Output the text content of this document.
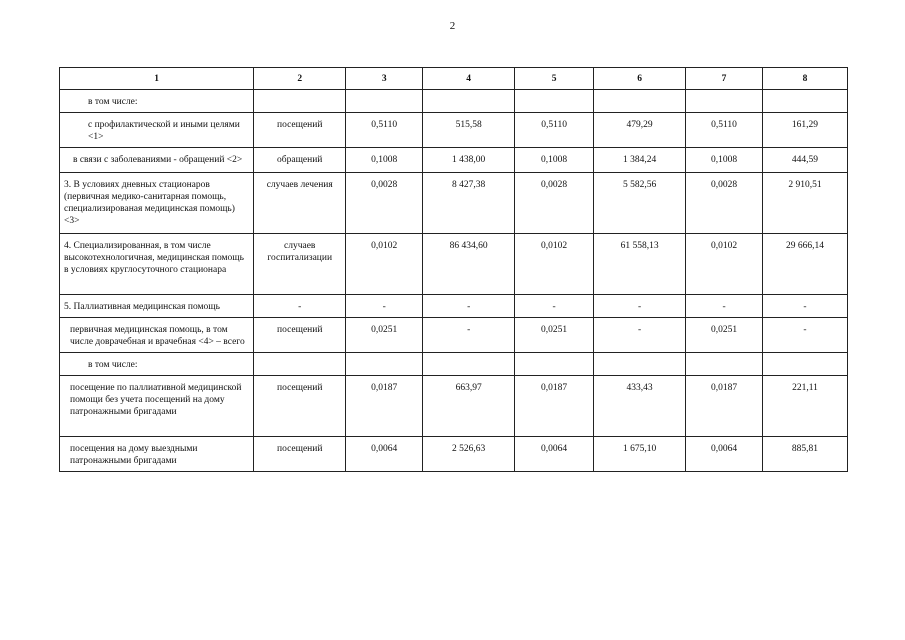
2
1	2	3	4	5	6	7	8
в том числе:							
с профилактической и иными целями <1>	посещений	0,5110	515,58	0,5110	479,29	0,5110	161,29
в связи с заболеваниями - обращений <2>	обращений	0,1008	1 438,00	0,1008	1 384,24	0,1008	444,59
3. В условиях дневных стационаров (первичная медико-санитарная помощь, специализированая медицинская помощь) <3>	случаев лечения	0,0028	8 427,38	0,0028	5 582,56	0,0028	2 910,51
4. Специализированная, в том числе высокотехнологичная, медицинская помощь в условиях круглосуточного стационара	случаев госпитализации	0,0102	86 434,60	0,0102	61 558,13	0,0102	29 666,14
5. Паллиативная медицинская помощь	-	-	-	-	-	-	-
первичная медицинская помощь, в том числе доврачебная и врачебная <4> – всего	посещений	0,0251	-	0,0251	-	0,0251	-
в том числе:							
посещение по паллиативной медицинской помощи без учета посещений на дому патронажными бригадами	посещений	0,0187	663,97	0,0187	433,43	0,0187	221,11
посещения на дому выездными патронажными бригадами	посещений	0,0064	2 526,63	0,0064	1 675,10	0,0064	885,81
